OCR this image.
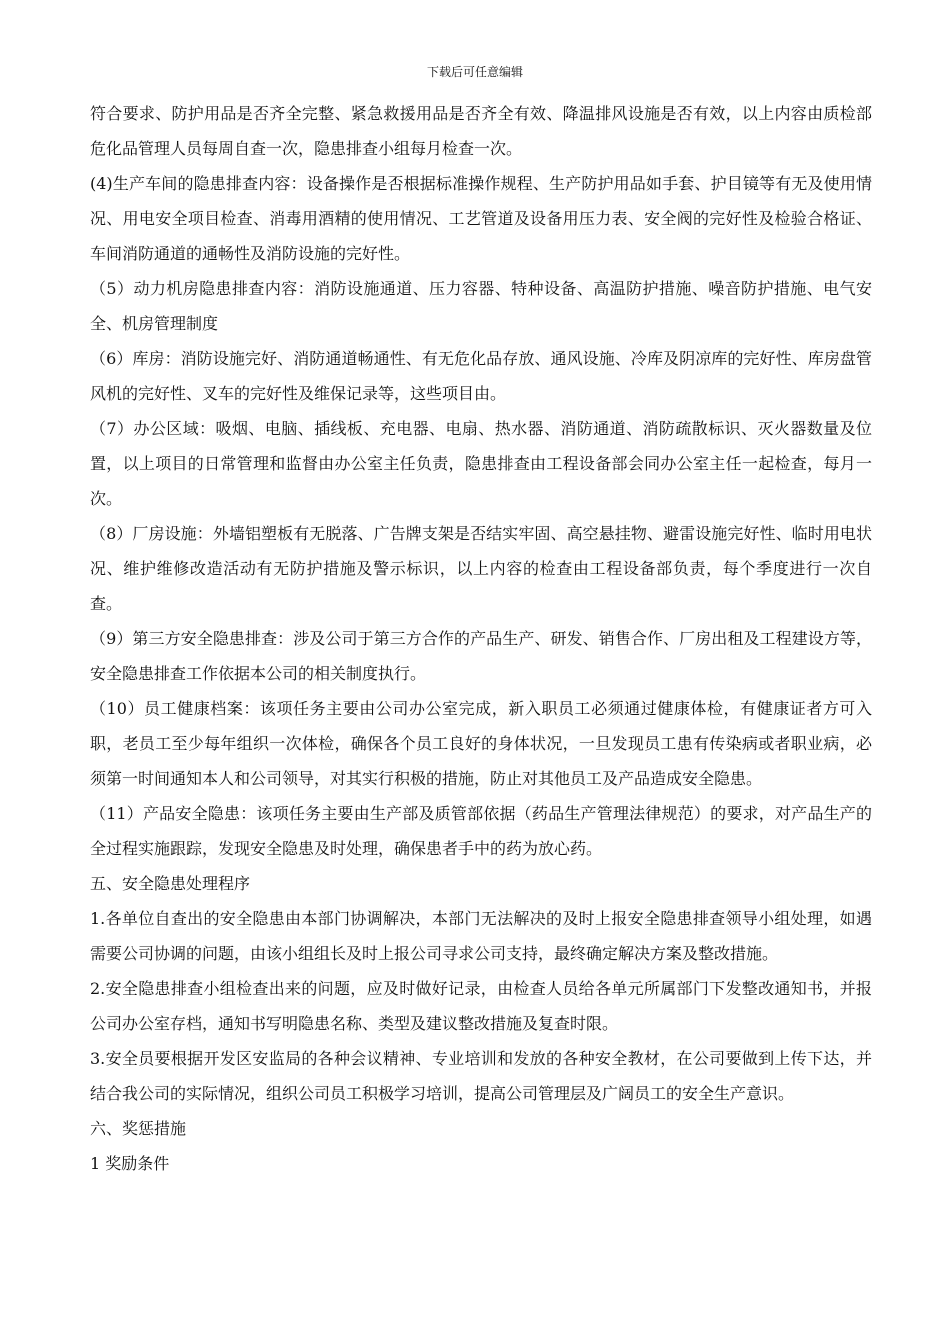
下载后可任意编辑

符合要求、防护用品是否齐全完整、紧急救援用品是否齐全有效、降温排风设施是否有效，以上内容由质检部危化品管理人员每周自查一次，隐患排查小组每月检查一次。

(4)生产车间的隐患排查内容：设备操作是否根据标准操作规程、生产防护用品如手套、护目镜等有无及使用情况、用电安全项目检查、消毒用酒精的使用情况、工艺管道及设备用压力表、安全阀的完好性及检验合格证、车间消防通道的通畅性及消防设施的完好性。

（5）动力机房隐患排查内容：消防设施通道、压力容器、特种设备、高温防护措施、噪音防护措施、电气安全、机房管理制度

（6）库房：消防设施完好、消防通道畅通性、有无危化品存放、通风设施、冷库及阴凉库的完好性、库房盘管风机的完好性、叉车的完好性及维保记录等，这些项目由。

（7）办公区域：吸烟、电脑、插线板、充电器、电扇、热水器、消防通道、消防疏散标识、灭火器数量及位置，以上项目的日常管理和监督由办公室主任负责，隐患排查由工程设备部会同办公室主任一起检查，每月一次。

（8）厂房设施：外墙铝塑板有无脱落、广告牌支架是否结实牢固、高空悬挂物、避雷设施完好性、临时用电状况、维护维修改造活动有无防护措施及警示标识，以上内容的检查由工程设备部负责，每个季度进行一次自查。

（9）第三方安全隐患排查：涉及公司于第三方合作的产品生产、研发、销售合作、厂房出租及工程建设方等，安全隐患排查工作依据本公司的相关制度执行。

（10）员工健康档案：该项任务主要由公司办公室完成，新入职员工必须通过健康体检，有健康证者方可入职，老员工至少每年组织一次体检，确保各个员工良好的身体状况，一旦发现员工患有传染病或者职业病，必须第一时间通知本人和公司领导，对其实行积极的措施，防止对其他员工及产品造成安全隐患。

（11）产品安全隐患：该项任务主要由生产部及质管部依据（药品生产管理法律规范）的要求，对产品生产的全过程实施跟踪，发现安全隐患及时处理，确保患者手中的药为放心药。

五、安全隐患处理程序

1.各单位自查出的安全隐患由本部门协调解决，本部门无法解决的及时上报安全隐患排查领导小组处理，如遇需要公司协调的问题，由该小组组长及时上报公司寻求公司支持，最终确定解决方案及整改措施。

2.安全隐患排查小组检查出来的问题，应及时做好记录，由检查人员给各单元所属部门下发整改通知书，并报公司办公室存档，通知书写明隐患名称、类型及建议整改措施及复查时限。

3.安全员要根据开发区安监局的各种会议精神、专业培训和发放的各种安全教材，在公司要做到上传下达，并结合我公司的实际情况，组织公司员工积极学习培训，提高公司管理层及广阔员工的安全生产意识。

六、奖惩措施

1 奖励条件
